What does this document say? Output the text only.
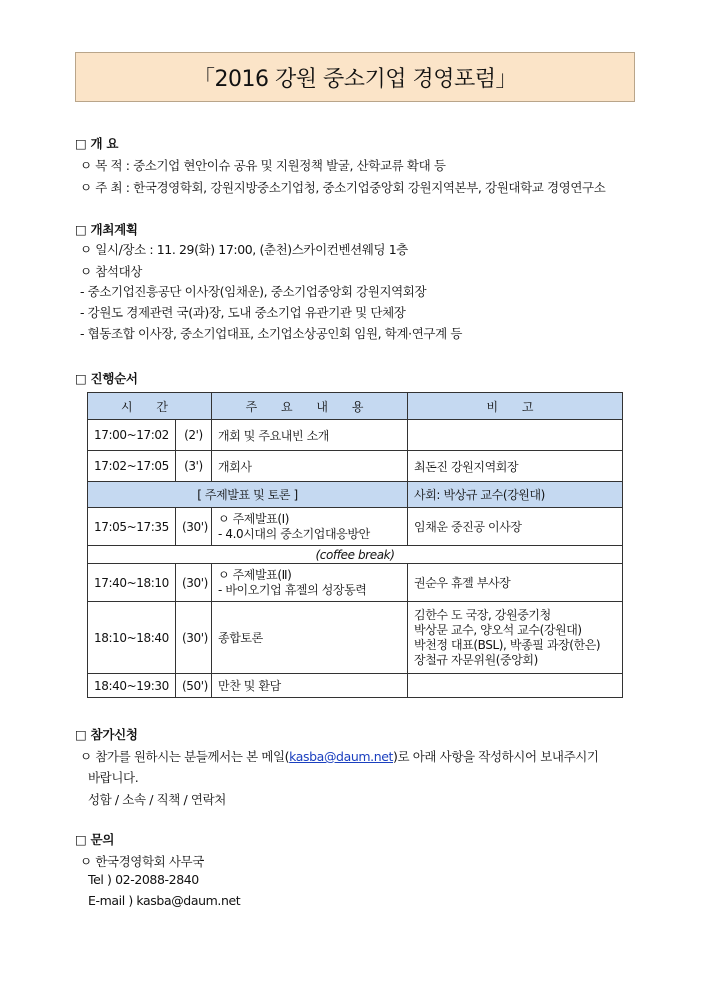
「2016 강원 중소기업 경영포럼」
□ 개 요
ㅇ 목 적 : 중소기업 현안이슈 공유 및 지원정책 발굴, 산학교류 확대 등
ㅇ 주 최 : 한국경영학회, 강원지방중소기업청, 중소기업중앙회 강원지역본부, 강원대학교 경영연구소
□ 개최계획
ㅇ 일시/장소 : 11. 29(화) 17:00, (춘천)스카이컨벤션웨딩 1층
ㅇ 참석대상
- 중소기업진흥공단 이사장(임채운), 중소기업중앙회 강원지역회장
- 강원도 경제관련 국(과)장, 도내 중소기업 유관기관 및 단체장
- 협동조합 이사장, 중소기업대표, 소기업소상공인회 임원, 학계·연구계 등
□ 진행순서
시 간		주 요 내 용	비 고
17:00~17:02	(2')	개회 및 주요내빈 소개	
17:02~17:05	(3')	개회사	최돈진 강원지역회장
[ 주제발표 및 토론 ]			사회: 박상규 교수(강원대)
17:05~17:35	(30')	ㅇ 주제발표(Ⅰ)
- 4.0시대의 중소기업대응방안	임채운 중진공 이사장
(coffee break)			
17:40~18:10	(30')	ㅇ 주제발표(Ⅱ)
- 바이오기업 휴젤의 성장동력	권순우 휴젤 부사장
18:10~18:40	(30')	종합토론	김한수 도 국장, 강원중기청
박상문 교수, 양오석 교수(강원대)
박천정 대표(BSL), 박종필 과장(한은)
장철규 자문위원(중앙회)

18:40~19:30	(50')	만찬 및 환담	
□ 참가신청
ㅇ 참가를 원하시는 분들께서는 본 메일(kasba@daum.net)로 아래 사항을 작성하시어 보내주시기
바랍니다.
성함 / 소속 / 직책 / 연락처
□ 문의
ㅇ 한국경영학회 사무국
Tel ) 02-2088-2840
E-mail ) kasba@daum.net
